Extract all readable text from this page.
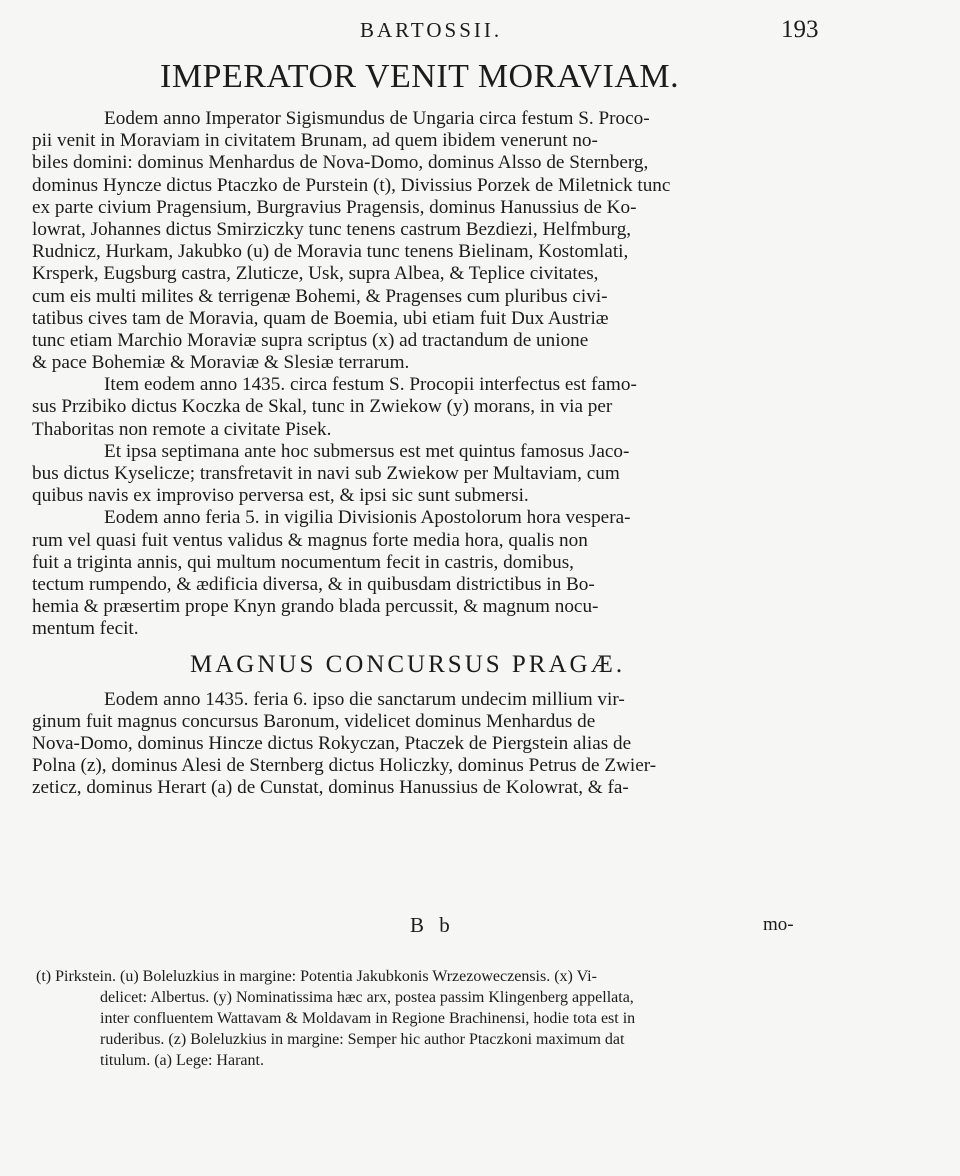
BARTOSSII.	193
IMPERATOR VENIT MORAVIAM.
Eodem anno Imperator Sigismundus de Ungaria circa festum S. Proco-
pii venit in Moraviam in civitatem Brunam, ad quem ibidem venerunt no-
biles domini: dominus Menhardus de Nova-Domo, dominus Alsso de Sternberg,
dominus Hyncze dictus Ptaczko de Purstein (t), Divissius Porzek de Miletnick tunc
ex parte civium Pragensium, Burgravius Pragensis, dominus Hanussius de Ko-
lowrat, Johannes dictus Smirziczky tunc tenens castrum Bezdiezi, Helfmburg,
Rudnicz, Hurkam, Jakubko (u) de Moravia tunc tenens Bielinam, Kostomlati,
Krsperk, Eugsburg castra, Zluticze, Usk, supra Albea, & Teplice civitates,
cum eis multi milites & terrigenæ Bohemi, & Pragenses cum pluribus civi-
tatibus cives tam de Moravia, quam de Boemia, ubi etiam fuit Dux Austriæ
tunc etiam Marchio Moraviæ supra scriptus (x) ad tractandum de unione
& pace Bohemiæ & Moraviæ & Slesiæ terrarum.
Item eodem anno 1435. circa festum S. Procopii interfectus est famo-
sus Przibiko dictus Koczka de Skal, tunc in Zwiekow (y) morans, in via per
Thaboritas non remote a civitate Pisek.
Et ipsa septimana ante hoc submersus est met quintus famosus Jaco-
bus dictus Kyselicze; transfretavit in navi sub Zwiekow per Multaviam, cum
quibus navis ex improviso perversa est, & ipsi sic sunt submersi.
Eodem anno feria 5. in vigilia Divisionis Apostolorum hora vespera-
rum vel quasi fuit ventus validus & magnus forte media hora, qualis non
fuit a triginta annis, qui multum nocumentum fecit in castris, domibus,
tectum rumpendo, & ædificia diversa, & in quibusdam districtibus in Bo-
hemia & præsertim prope Knyn grando blada percussit, & magnum nocu-
mentum fecit.
MAGNUS CONCURSUS PRAGÆ.
Eodem anno 1435. feria 6. ipso die sanctarum undecim millium vir-
ginum fuit magnus concursus Baronum, videlicet dominus Menhardus de
Nova-Domo, dominus Hincze dictus Rokyczan, Ptaczek de Piergstein alias de
Polna (z), dominus Alesi de Sternberg dictus Holiczky, dominus Petrus de Zwier-
zeticz, dominus Herart (a) de Cunstat, dominus Hanussius de Kolowrat, & fa-
B b	mo-
(t) Pirkstein. (u) Boleluzkius in margine: Potentia Jakubkonis Wrzezoweczensis. (x) Vi-
delicet: Albertus. (y) Nominatissima hæc arx, postea passim Klingenberg appellata,
inter confluentem Wattavam & Moldavam in Regione Brachinensi, hodie tota est in
ruderibus. (z) Boleluzkius in margine: Semper hic author Ptaczkoni maximum dat
titulum. (a) Lege: Harant.
